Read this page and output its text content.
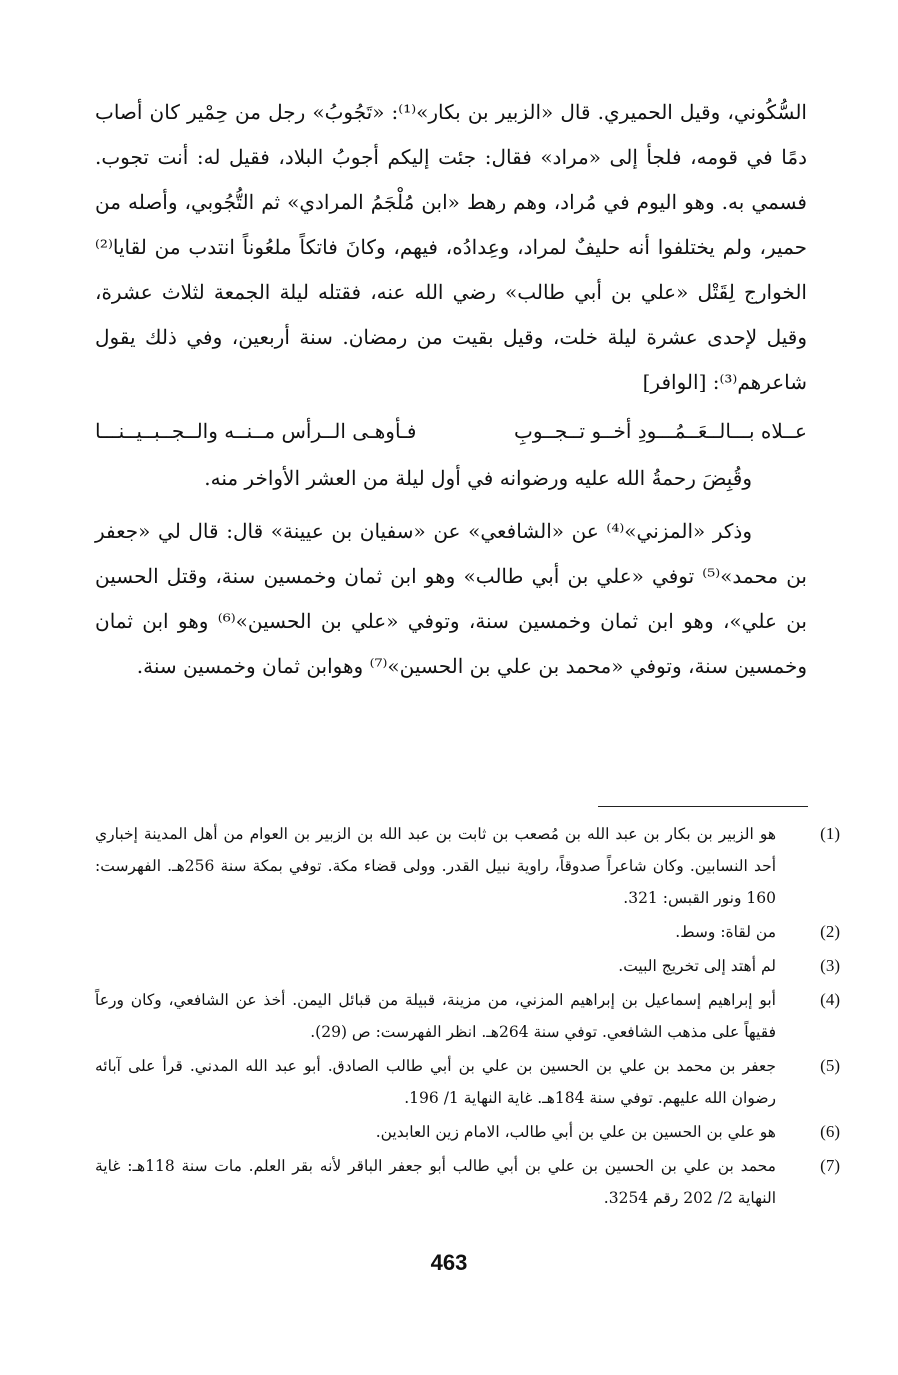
السُّكُوني، وقيل الحميري. قال «الزبير بن بكار»⁽¹⁾: «تَجُوبُ» رجل من حِمْير كان أصاب دمًا في قومه، فلجأ إلى «مراد» فقال: جئت إليكم أجوبُ البلاد، فقيل له: أنت تجوب. فسمي به. وهو اليوم في مُراد، وهم رهط «ابن مُلْجَمُ المرادي» ثم التُّجُوبي، وأصله من حمير، ولم يختلفوا أنه حليفٌ لمراد، وعِدادُه، فيهم، وكانَ فاتكاً ملعُوناً انتدب من لقايا⁽²⁾ الخوارج لِقَتْل «علي بن أبي طالب» رضي الله عنه، فقتله ليلة الجمعة لثلاث عشرة، وقيل لإحدى عشرة ليلة خلت، وقيل بقيت من رمضان. سنة أربعين، وفي ذلك يقول شاعرهم⁽³⁾: [الوافر]

عــلاه بـــالــعَــمُـــودِ أخــو تــجــوبِ
فـأوهـى الــرأس مــنــه والــجــبــيــنـــا

وقُبِضَ رحمةُ الله عليه ورضوانه في أول ليلة من العشر الأواخر منه.

وذكر «المزني»⁽⁴⁾ عن «الشافعي» عن «سفيان بن عيينة» قال: قال لي «جعفر بن محمد»⁽⁵⁾ توفي «علي بن أبي طالب» وهو ابن ثمان وخمسين سنة، وقتل الحسين بن علي»، وهو ابن ثمان وخمسين سنة، وتوفي «علي بن الحسين»⁽⁶⁾ وهو ابن ثمان وخمسين سنة، وتوفي «محمد بن علي بن الحسين»⁽⁷⁾ وهوابن ثمان وخمسين سنة.

(1)
هو الزبير بن بكار بن عبد الله بن مُصعب بن ثابت بن عبد الله بن الزبير بن العوام من أهل المدينة إخباري أحد النسابين. وكان شاعراً صدوقاً، راوية نبيل القدر. وولى قضاء مكة. توفي بمكة سنة 256هـ. الفهرست: 160 ونور القبس: 321.
(2)
من لقاة: وسط.
(3)
لم أهتد إلى تخريج البيت.
(4)
أبو إبراهيم إسماعيل بن إبراهيم المزني، من مزينة، قبيلة من قبائل اليمن. أخذ عن الشافعي، وكان ورعاً فقيهاً على مذهب الشافعي. توفي سنة 264هـ. انظر الفهرست: ص (29).
(5)
جعفر بن محمد بن علي بن الحسين بن علي بن أبي طالب الصادق. أبو عبد الله المدني. قرأ على آبائه رضوان الله عليهم. توفي سنة 184هـ. غاية النهاية 1/ 196.
(6)
هو علي بن الحسين بن علي بن أبي طالب، الامام زين العابدين.
(7)
محمد بن علي بن الحسين بن علي بن أبي طالب أبو جعفر الباقر لأنه بقر العلم. مات سنة 118هـ: غاية النهاية 2/ 202 رقم 3254.
463
